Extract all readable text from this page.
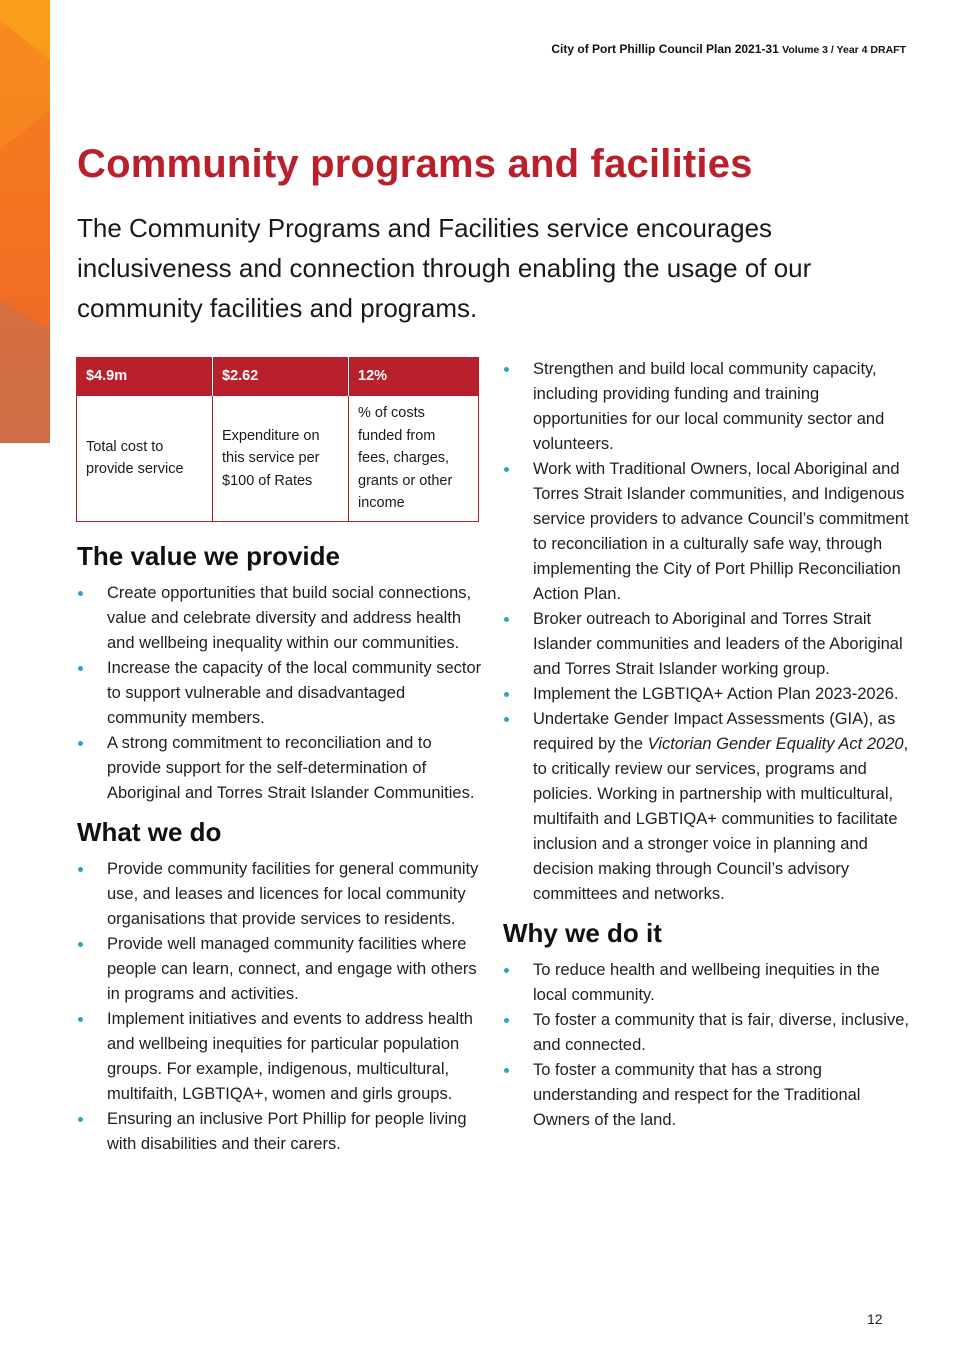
City of Port Phillip Council Plan 2021-31 Volume 3 / Year 4 DRAFT
Community programs and facilities

The Community Programs and Facilities service encourages inclusiveness and connection through enabling the usage of our community facilities and programs.

$4.9m	$2.62	12%
Total cost to provide service	Expenditure on this service per $100 of Rates	% of costs funded from fees, charges, grants or other income
The value we provide
Create opportunities that build social connections, value and celebrate diversity and address health and wellbeing inequality within our communities.
Increase the capacity of the local community sector to support vulnerable and disadvantaged community members.
A strong commitment to reconciliation and to provide support for the self-determination of Aboriginal and Torres Strait Islander Communities.
What we do
Provide community facilities for general community use, and leases and licences for local community organisations that provide services to residents.
Provide well managed community facilities where people can learn, connect, and engage with others in programs and activities.
Implement initiatives and events to address health and wellbeing inequities for particular population groups. For example, indigenous, multicultural, multifaith, LGBTIQA+, women and girls groups.
Ensuring an inclusive Port Phillip for people living with disabilities and their carers.
Strengthen and build local community capacity, including providing funding and training opportunities for our local community sector and volunteers.
Work with Traditional Owners, local Aboriginal and Torres Strait Islander communities, and Indigenous service providers to advance Council’s commitment to reconciliation in a culturally safe way, through implementing the City of Port Phillip Reconciliation Action Plan.
Broker outreach to Aboriginal and Torres Strait Islander communities and leaders of the Aboriginal and Torres Strait Islander working group.
Implement the LGBTIQA+ Action Plan 2023-2026.
Undertake Gender Impact Assessments (GIA), as required by the Victorian Gender Equality Act 2020, to critically review our services, programs and policies. Working in partnership with multicultural, multifaith and LGBTIQA+ communities to facilitate inclusion and a stronger voice in planning and decision making through Council’s advisory committees and networks.
Why we do it
To reduce health and wellbeing inequities in the local community.
To foster a community that is fair, diverse, inclusive, and connected.
To foster a community that has a strong understanding and respect for the Traditional Owners of the land.
12
